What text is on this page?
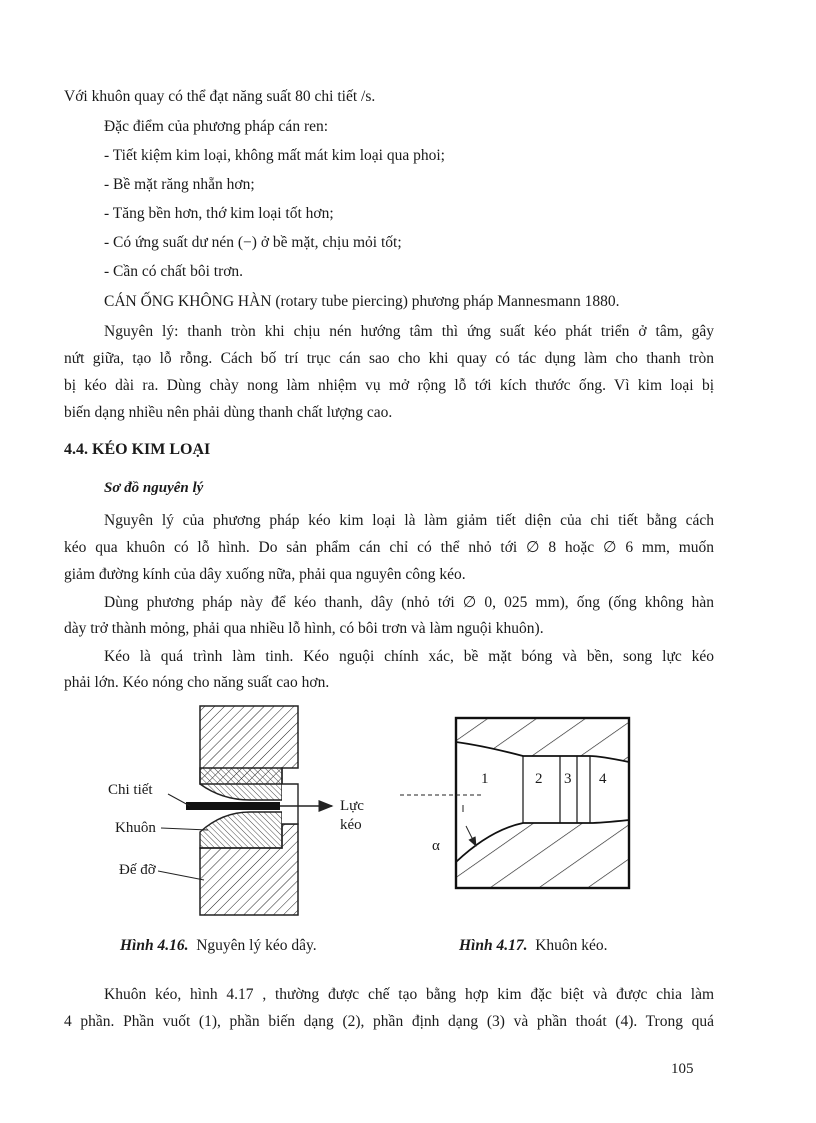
Với khuôn quay có thể đạt năng suất 80 chi tiết /s.
Đặc điểm của phương pháp cán ren:
- Tiết kiệm kim loại, không mất mát kim loại qua phoi;
- Bề mặt răng nhẵn hơn;
- Tăng bền hơn, thớ kim loại tốt hơn;
- Có ứng suất dư nén (−) ở bề mặt, chịu mỏi tốt;
- Cần có chất bôi trơn.
CÁN ỐNG KHÔNG HÀN (rotary tube piercing) phương pháp Mannesmann 1880.
Nguyên lý: thanh tròn khi chịu nén hướng tâm thì ứng suất kéo phát triển ở tâm, gây
nứt giữa, tạo lỗ rỗng. Cách bố trí trục cán sao cho khi quay có tác dụng làm cho thanh tròn
bị kéo dài ra. Dùng chày nong làm nhiệm vụ mở rộng lỗ tới kích thước ống. Vì kim loại bị
biến dạng nhiều nên phải dùng thanh chất lượng cao.
4.4. KÉO KIM LOẠI
Sơ đồ nguyên lý
Nguyên lý của phương pháp kéo kim loại là làm giảm tiết diện của chi tiết bằng cách
kéo qua khuôn có lỗ hình. Do sản phẩm cán chỉ có thể nhỏ tới ∅ 8 hoặc ∅ 6 mm, muốn
giảm đường kính của dây xuống nữa, phải qua nguyên công kéo.
Dùng phương pháp này để kéo thanh, dây (nhỏ tới ∅ 0, 025 mm), ống (ống không hàn
dày trở thành mỏng, phải qua nhiều lỗ hình, có bôi trơn và làm nguội khuôn).
Kéo là quá trình làm tinh. Kéo nguội chính xác, bề mặt bóng và bền, song lực kéo
phải lớn. Kéo nóng cho năng suất cao hơn.
Chi tiết
Khuôn
Đế đỡ
Lực
kéo
1	2 3 4
α
Hình 4.16. Nguyên lý kéo dây.	Hình 4.17. Khuôn kéo.
Khuôn kéo, hình 4.17 , thường được chế tạo bằng hợp kim đặc biệt và được chia làm
4 phần. Phần vuốt (1), phần biến dạng (2), phần định dạng (3) và phần thoát (4). Trong quá
105
